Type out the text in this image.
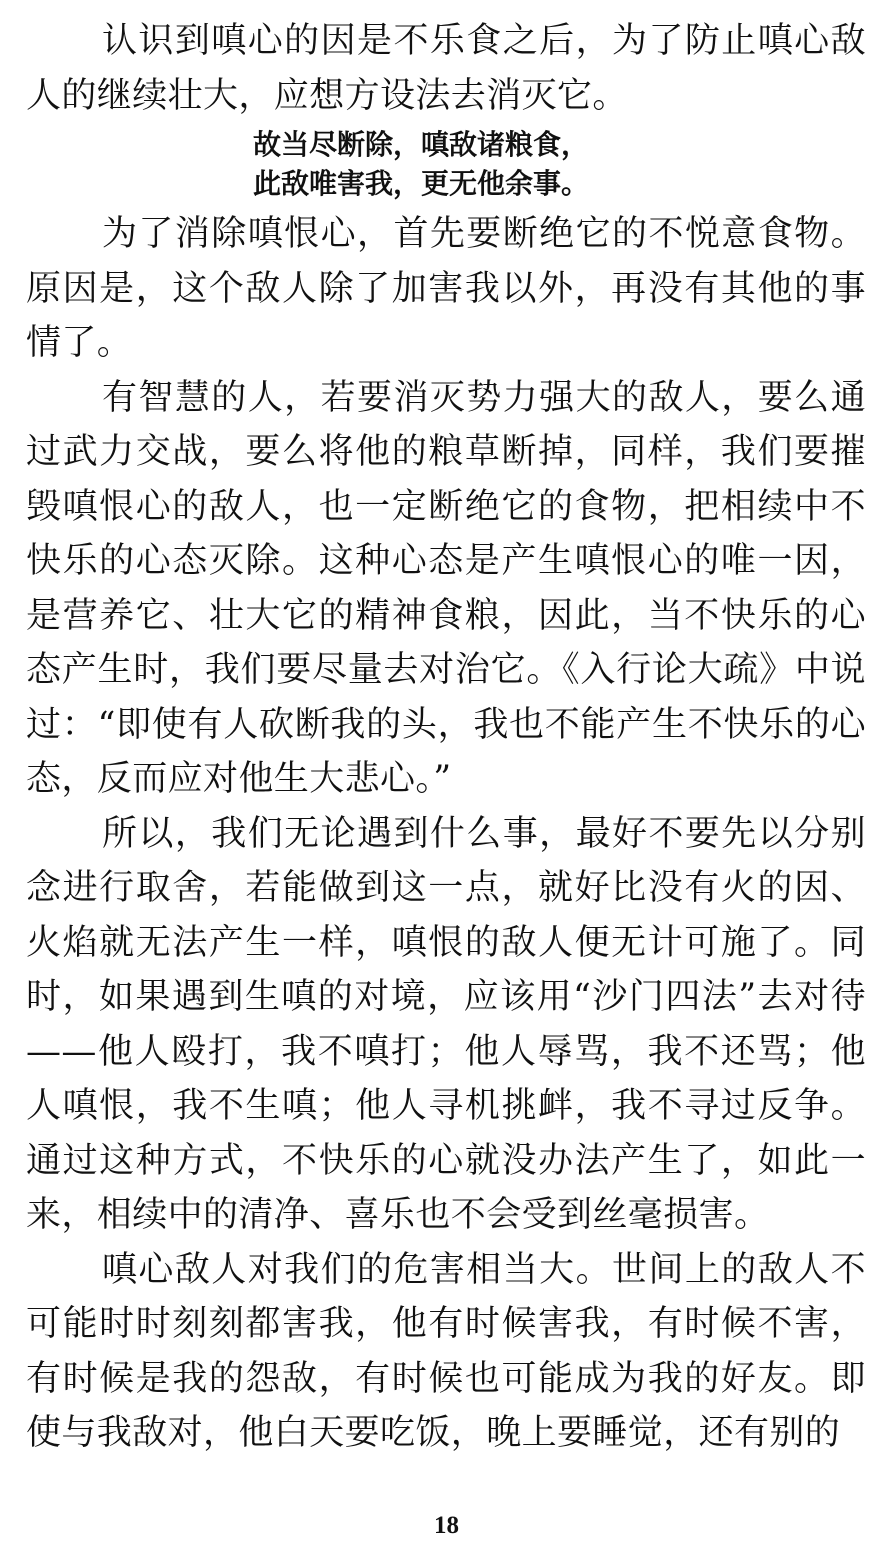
认识到嗔心的因是不乐食之后，为了防止嗔心敌人的继续壮大，应想方设法去消灭它。

故当尽断除，嗔敌诸粮食，

此敌唯害我，更无他余事。

为了消除嗔恨心，首先要断绝它的不悦意食物。原因是，这个敌人除了加害我以外，再没有其他的事情了。

有智慧的人，若要消灭势力强大的敌人，要么通过武力交战，要么将他的粮草断掉，同样，我们要摧毁嗔恨心的敌人，也一定断绝它的食物，把相续中不快乐的心态灭除。这种心态是产生嗔恨心的唯一因，是营养它、壮大它的精神食粮，因此，当不快乐的心态产生时，我们要尽量去对治它。《入行论大疏》中说过：“即使有人砍断我的头，我也不能产生不快乐的心态，反而应对他生大悲心。”

所以，我们无论遇到什么事，最好不要先以分别念进行取舍，若能做到这一点，就好比没有火的因、火焰就无法产生一样，嗔恨的敌人便无计可施了。同时，如果遇到生嗔的对境，应该用“沙门四法”去对待——他人殴打，我不嗔打；他人辱骂，我不还骂；他人嗔恨，我不生嗔；他人寻机挑衅，我不寻过反争。通过这种方式，不快乐的心就没办法产生了，如此一来，相续中的清净、喜乐也不会受到丝毫损害。

嗔心敌人对我们的危害相当大。世间上的敌人不可能时时刻刻都害我，他有时候害我，有时候不害，有时候是我的怨敌，有时候也可能成为我的好友。即使与我敌对，他白天要吃饭，晚上要睡觉，还有别的

18
